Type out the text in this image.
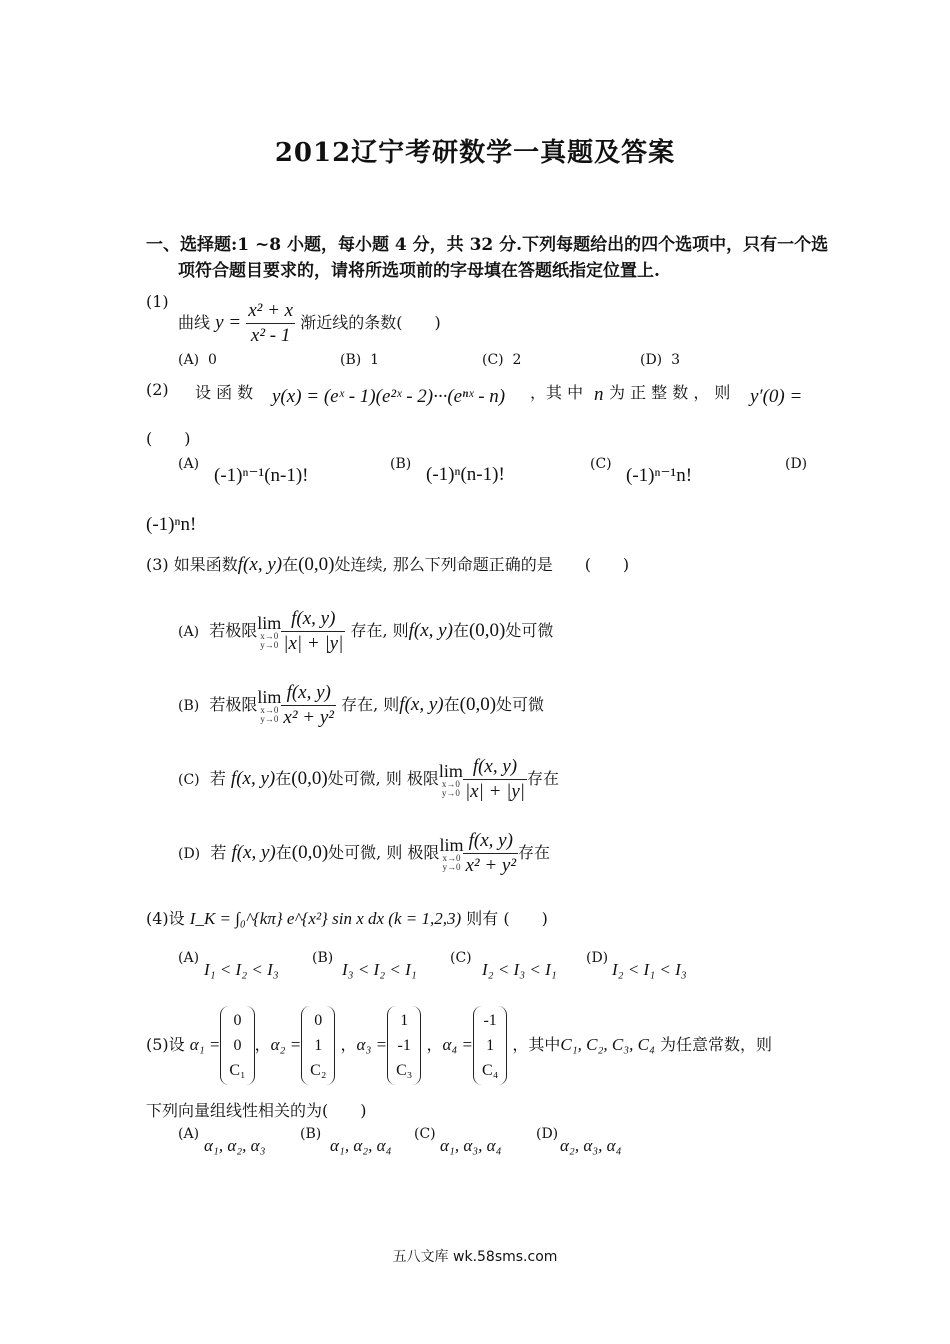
2012辽宁考研数学一真题及答案
一、选择题:1 ~8 小题，每小题 4 分，共 32 分.下列每题给出的四个选项中，只有一个选
项符合题目要求的，请将所选项前的字母填在答题纸指定位置上.
(1)
曲线 $y = \frac{\text{x² + x}}{\text{x² - 1}}$ 渐近线的条数(　　)
(A) 0	(B) 1	(C) 2	(D) 3
(2) 设 函 数 y(x) = (eˣ - 1)(e²ˣ - 2)···(eⁿˣ - n) ，其 中 n 为 正 整 数 ， 则 y′(0) =
(　　)
(A)
(-1)ⁿ⁻¹(n-1)!
(B) (-1)ⁿ(n-1)!	(C)
(-1)ⁿ⁻¹n!
(D)
(-1)ⁿn!
(3) 如果函数f(x, y)在(0,0)处连续, 那么下列命题正确的是　　(　　)
(A) 若极限 lim
x→0
$y\to 0 \frac{f(x, y)}{|x| + |y|}$ 存在, 则f(x, y)在(0,0)处可微
(B) 若极限 lim
x→0
$y\to 0 \frac{f(x, y)}{\text{x² + y²}}$ 存在, 则f(x, y)在(0,0)处可微
(C) 若 f(x, y)在(0,0)处可微, 则 极限 lim
x→0
$y\to 0 \frac{f(x, y)}{|x| + |y|}$ 存在
(D) 若 f(x, y)在(0,0)处可微, 则 极限 lim
x→0
$y\to 0 \frac{f(x, y)}{\text{x² + y²}}$ 存在
(4)设 I_K = ∫₀^{kπ} e^{x²} sin x dx (k = 1,2,3) 则有 (　　)
(A)
I₁ < I₂ < I₃
(B)
I₃ < I₂ < I₁
(C)
I₂ < I₃ < I₁
(D)
I₂ < I₁ < I₃
(5)设 α₁ =
0
0
C₁
，α₂ =
0
1
C₂
，α₃ =
1
-1
C₃
，α₄ =
-1
1
C₄
，其中C₁, C₂, C₃, C₄ 为任意常数，则
下列向量组线性相关的为(　　)
(A)
α₁, α₂, α₃
(B)
α₁, α₂, α₄
(C)
α₁, α₃, α₄
(D)
α₂, α₃, α₄
五八文库 wk.58sms.com
